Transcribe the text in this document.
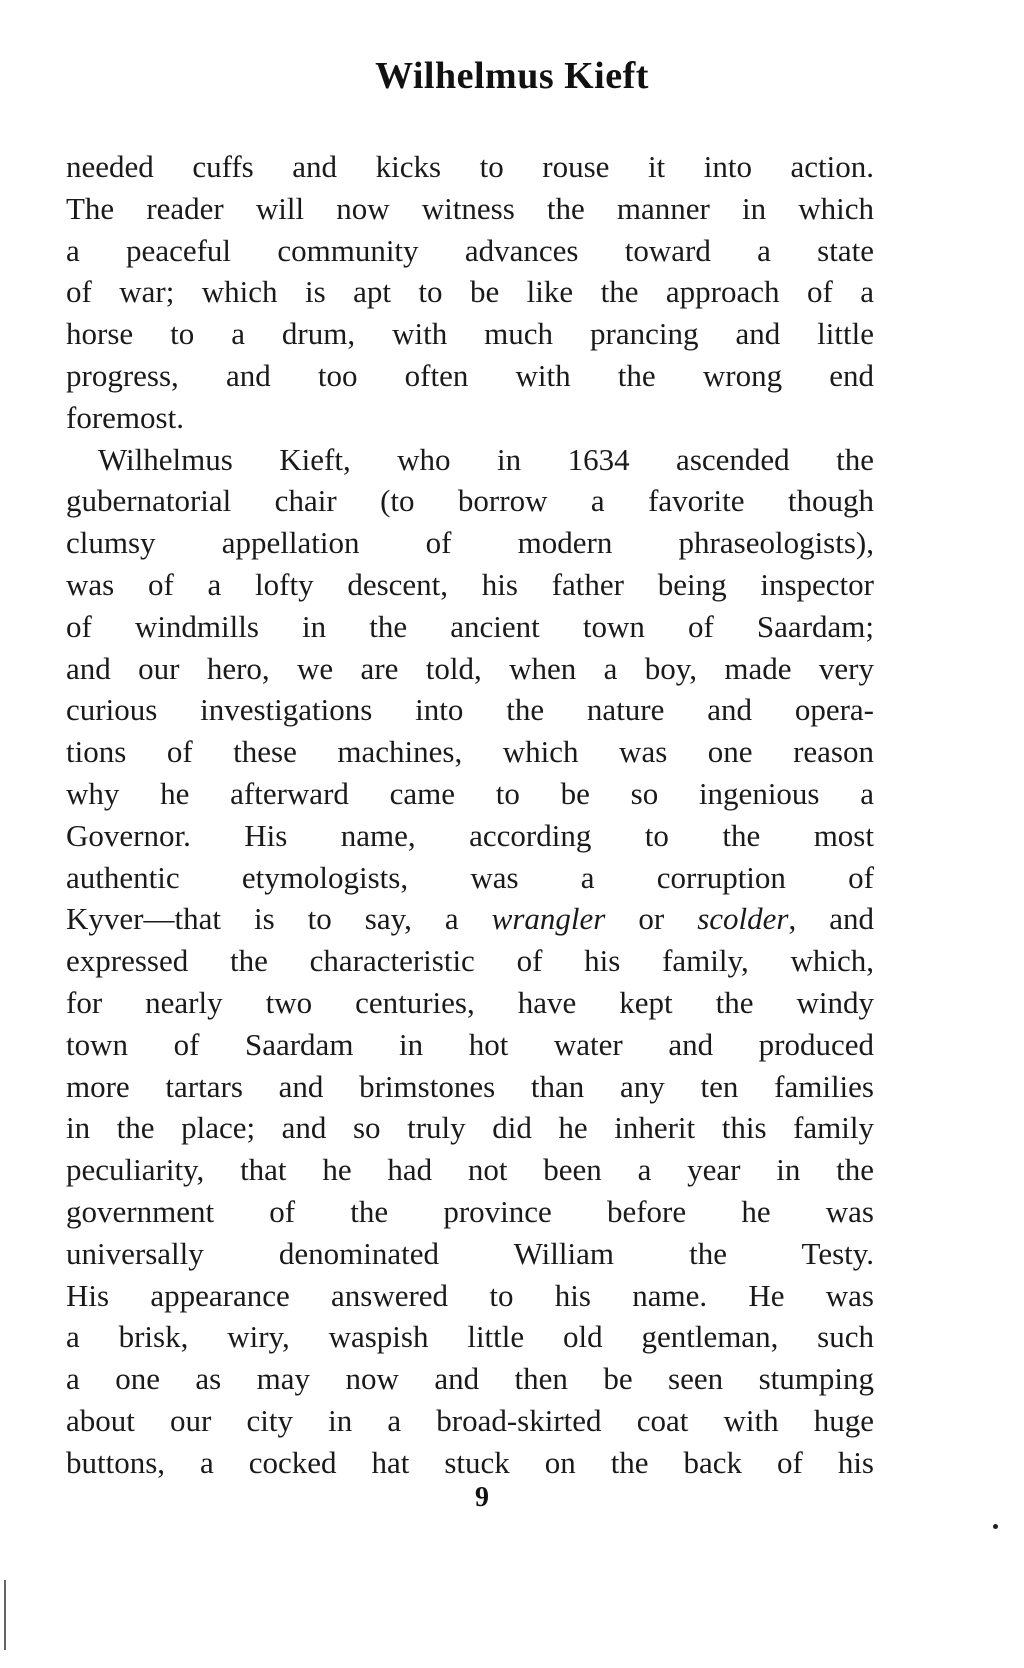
Wilhelmus Kieft
needed cuffs and kicks to rouse it into action.
The reader will now witness the manner in which
a peaceful community advances toward a state
of war; which is apt to be like the approach of a
horse to a drum, with much prancing and little
progress, and too often with the wrong end
foremost.
Wilhelmus Kieft, who in 1634 ascended the
gubernatorial chair (to borrow a favorite though
clumsy appellation of modern phraseologists),
was of a lofty descent, his father being inspector
of windmills in the ancient town of Saardam;
and our hero, we are told, when a boy, made very
curious investigations into the nature and opera-
tions of these machines, which was one reason
why he afterward came to be so ingenious a
Governor. His name, according to the most
authentic etymologists, was a corruption of
Kyver—that is to say, a wrangler or scolder, and
expressed the characteristic of his family, which,
for nearly two centuries, have kept the windy
town of Saardam in hot water and produced
more tartars and brimstones than any ten families
in the place; and so truly did he inherit this family
peculiarity, that he had not been a year in the
government of the province before he was
universally denominated William the Testy.
His appearance answered to his name. He was
a brisk, wiry, waspish little old gentleman, such
a one as may now and then be seen stumping
about our city in a broad-skirted coat with huge
buttons, a cocked hat stuck on the back of his
9
